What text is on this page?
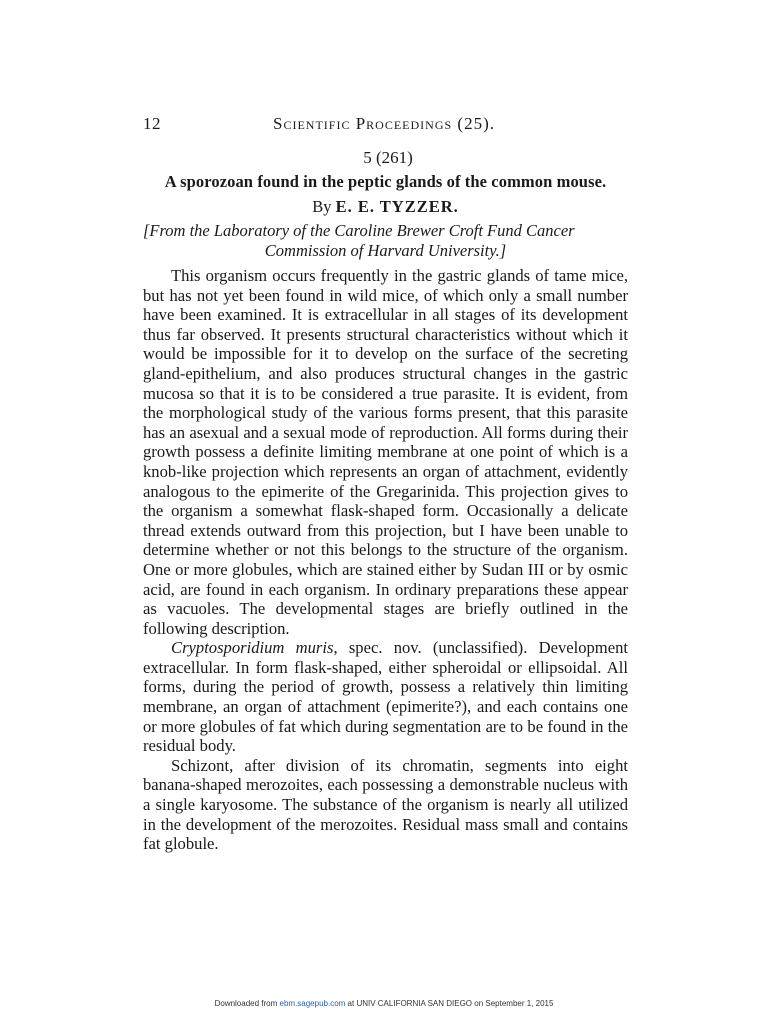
12	Scientific Proceedings (25).
5 (261)
A sporozoan found in the peptic glands of the common mouse.
By E. E. TYZZER.
[From the Laboratory of the Caroline Brewer Croft Fund Cancer
Commission of Harvard University.]

This organism occurs frequently in the gastric glands of tame mice, but has not yet been found in wild mice, of which only a small number have been examined. It is extracellular in all stages of its development thus far observed. It presents structural characteristics without which it would be impossible for it to develop on the surface of the secreting gland-epithelium, and also produces structural changes in the gastric mucosa so that it is to be considered a true parasite. It is evident, from the morphological study of the various forms present, that this parasite has an asexual and a sexual mode of reproduction. All forms during their growth possess a definite limiting membrane at one point of which is a knob-like projection which represents an organ of attachment, evidently analogous to the epimerite of the Gregarinida. This projection gives to the organism a somewhat flask-shaped form. Occasionally a delicate thread extends outward from this projection, but I have been unable to determine whether or not this belongs to the structure of the organism. One or more globules, which are stained either by Sudan III or by osmic acid, are found in each organism. In ordinary preparations these appear as vacuoles. The developmental stages are briefly outlined in the following description.

Cryptosporidium muris, spec. nov. (unclassified). Development extracellular. In form flask-shaped, either spheroidal or ellipsoidal. All forms, during the period of growth, possess a relatively thin limiting membrane, an organ of attachment (epimerite?), and each contains one or more globules of fat which during segmentation are to be found in the residual body.

Schizont, after division of its chromatin, segments into eight banana-shaped merozoites, each possessing a demonstrable nucleus with a single karyosome. The substance of the organism is nearly all utilized in the development of the merozoites. Residual mass small and contains fat globule.

Downloaded from ebm.sagepub.com at UNIV CALIFORNIA SAN DIEGO on September 1, 2015
